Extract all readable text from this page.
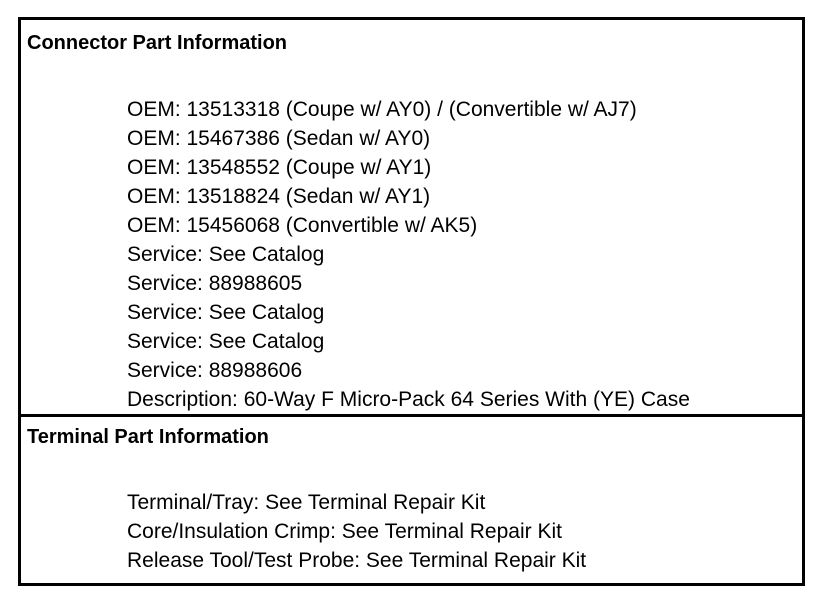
Connector Part Information
OEM: 13513318 (Coupe w/ AY0) / (Convertible w/ AJ7)
OEM: 15467386 (Sedan w/ AY0)
OEM: 13548552 (Coupe w/ AY1)
OEM: 13518824 (Sedan w/ AY1)
OEM: 15456068 (Convertible w/ AK5)
Service: See Catalog
Service: 88988605
Service: See Catalog
Service: See Catalog
Service: 88988606
Description: 60-Way F Micro-Pack 64 Series With (YE) Case
Terminal Part Information
Terminal/Tray: See Terminal Repair Kit
Core/Insulation Crimp: See Terminal Repair Kit
Release Tool/Test Probe: See Terminal Repair Kit
